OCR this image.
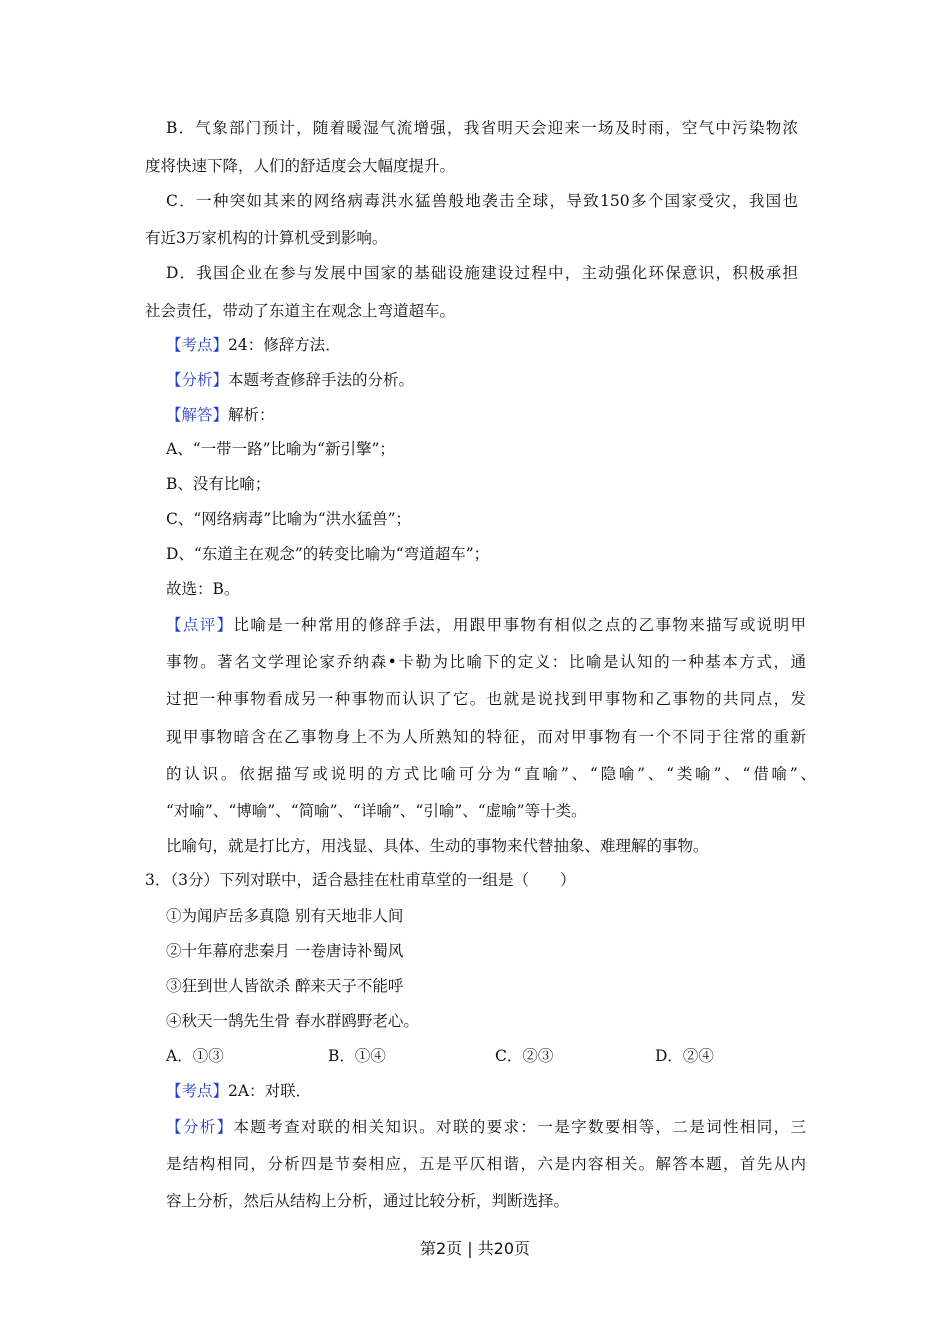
B．气象部门预计，随着暖湿气流增强，我省明天会迎来一场及时雨，空气中污染物浓
度将快速下降，人们的舒适度会大幅度提升。
C．一种突如其来的网络病毒洪水猛兽般地袭击全球，导致150多个国家受灾，我国也
有近3万家机构的计算机受到影响。
D．我国企业在参与发展中国家的基础设施建设过程中，主动强化环保意识，积极承担
社会责任，带动了东道主在观念上弯道超车。
【考点】24：修辞方法．
【分析】本题考查修辞手法的分析。
【解答】解析：
A、“一带一路”比喻为“新引擎”；
B、没有比喻；
C、“网络病毒”比喻为“洪水猛兽”；
D、“东道主在观念”的转变比喻为“弯道超车”；
故选：B。
【点评】比喻是一种常用的修辞手法，用跟甲事物有相似之点的乙事物来描写或说明甲
事物。著名文学理论家乔纳森•卡勒为比喻下的定义：比喻是认知的一种基本方式，通
过把一种事物看成另一种事物而认识了它。也就是说找到甲事物和乙事物的共同点，发
现甲事物暗含在乙事物身上不为人所熟知的特征，而对甲事物有一个不同于往常的重新
的认识。依据描写或说明的方式比喻可分为“直喻”、“隐喻”、“类喻”、“借喻”、
“对喻”、“博喻”、“简喻”、“详喻”、“引喻”、“虚喻”等十类。
比喻句，就是打比方，用浅显、具体、生动的事物来代替抽象、难理解的事物。
3．（3分）下列对联中，适合悬挂在杜甫草堂的一组是（　　）
①为闻庐岳多真隐 别有天地非人间
②十年幕府悲秦月 一卷唐诗补蜀风
③狂到世人皆欲杀 醉来天子不能呼
④秋天一鹄先生骨 春水群鸥野老心。
A．①③	B．①④	C．②③	D．②④
【考点】2A：对联．
【分析】本题考查对联的相关知识。对联的要求：一是字数要相等，二是词性相同，三
是结构相同，分析四是节奏相应，五是平仄相谐，六是内容相关。解答本题，首先从内
容上分析，然后从结构上分析，通过比较分析，判断选择。
第2页 | 共20页
